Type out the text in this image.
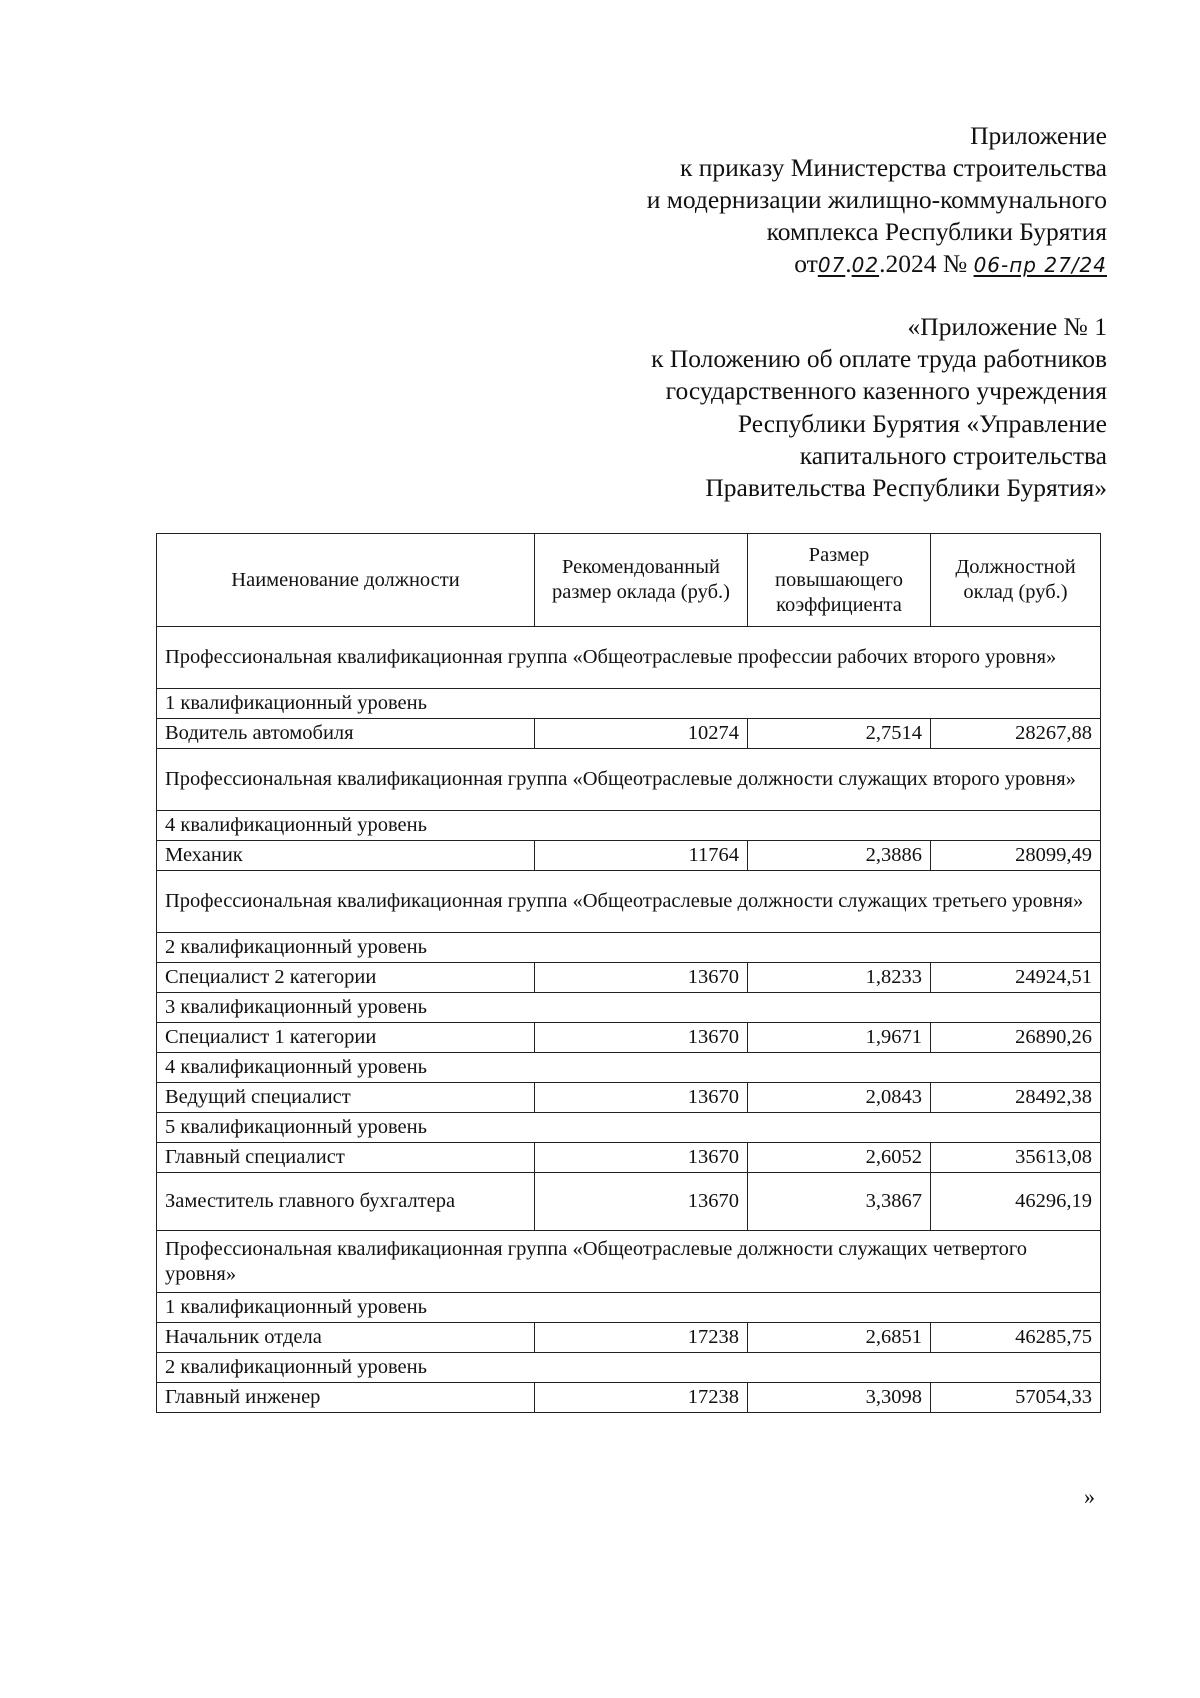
Приложение
к приказу Министерства строительства
и модернизации жилищно-коммунального
комплекса Республики Бурятия
от07.02.2024 № 06-пр 27/24
«Приложение № 1
к Положению об оплате труда работников
государственного казенного учреждения
Республики Бурятия «Управление
капитального строительства
Правительства Республики Бурятия»
Наименование должности	Рекомендованный размер оклада (руб.)	Размер повышающего коэффициента	Должностной оклад (руб.)
Профессиональная квалификационная группа «Общеотраслевые профессии рабочих второго уровня»			
1 квалификационный уровень			
Водитель автомобиля	10274	2,7514	28267,88
Профессиональная квалификационная группа «Общеотраслевые должности служащих второго уровня»			
4 квалификационный уровень			
Механик	11764	2,3886	28099,49
Профессиональная квалификационная группа «Общеотраслевые должности служащих третьего уровня»			
2 квалификационный уровень			
Специалист 2 категории	13670	1,8233	24924,51
3 квалификационный уровень			
Специалист 1 категории	13670	1,9671	26890,26
4 квалификационный уровень			
Ведущий специалист	13670	2,0843	28492,38
5 квалификационный уровень			
Главный специалист	13670	2,6052	35613,08
Заместитель главного бухгалтера	13670	3,3867	46296,19
Профессиональная квалификационная группа «Общеотраслевые должности служащих четвертого уровня»			
1 квалификационный уровень			
Начальник отдела	17238	2,6851	46285,75
2 квалификационный уровень			
Главный инженер	17238	3,3098	57054,33
»
